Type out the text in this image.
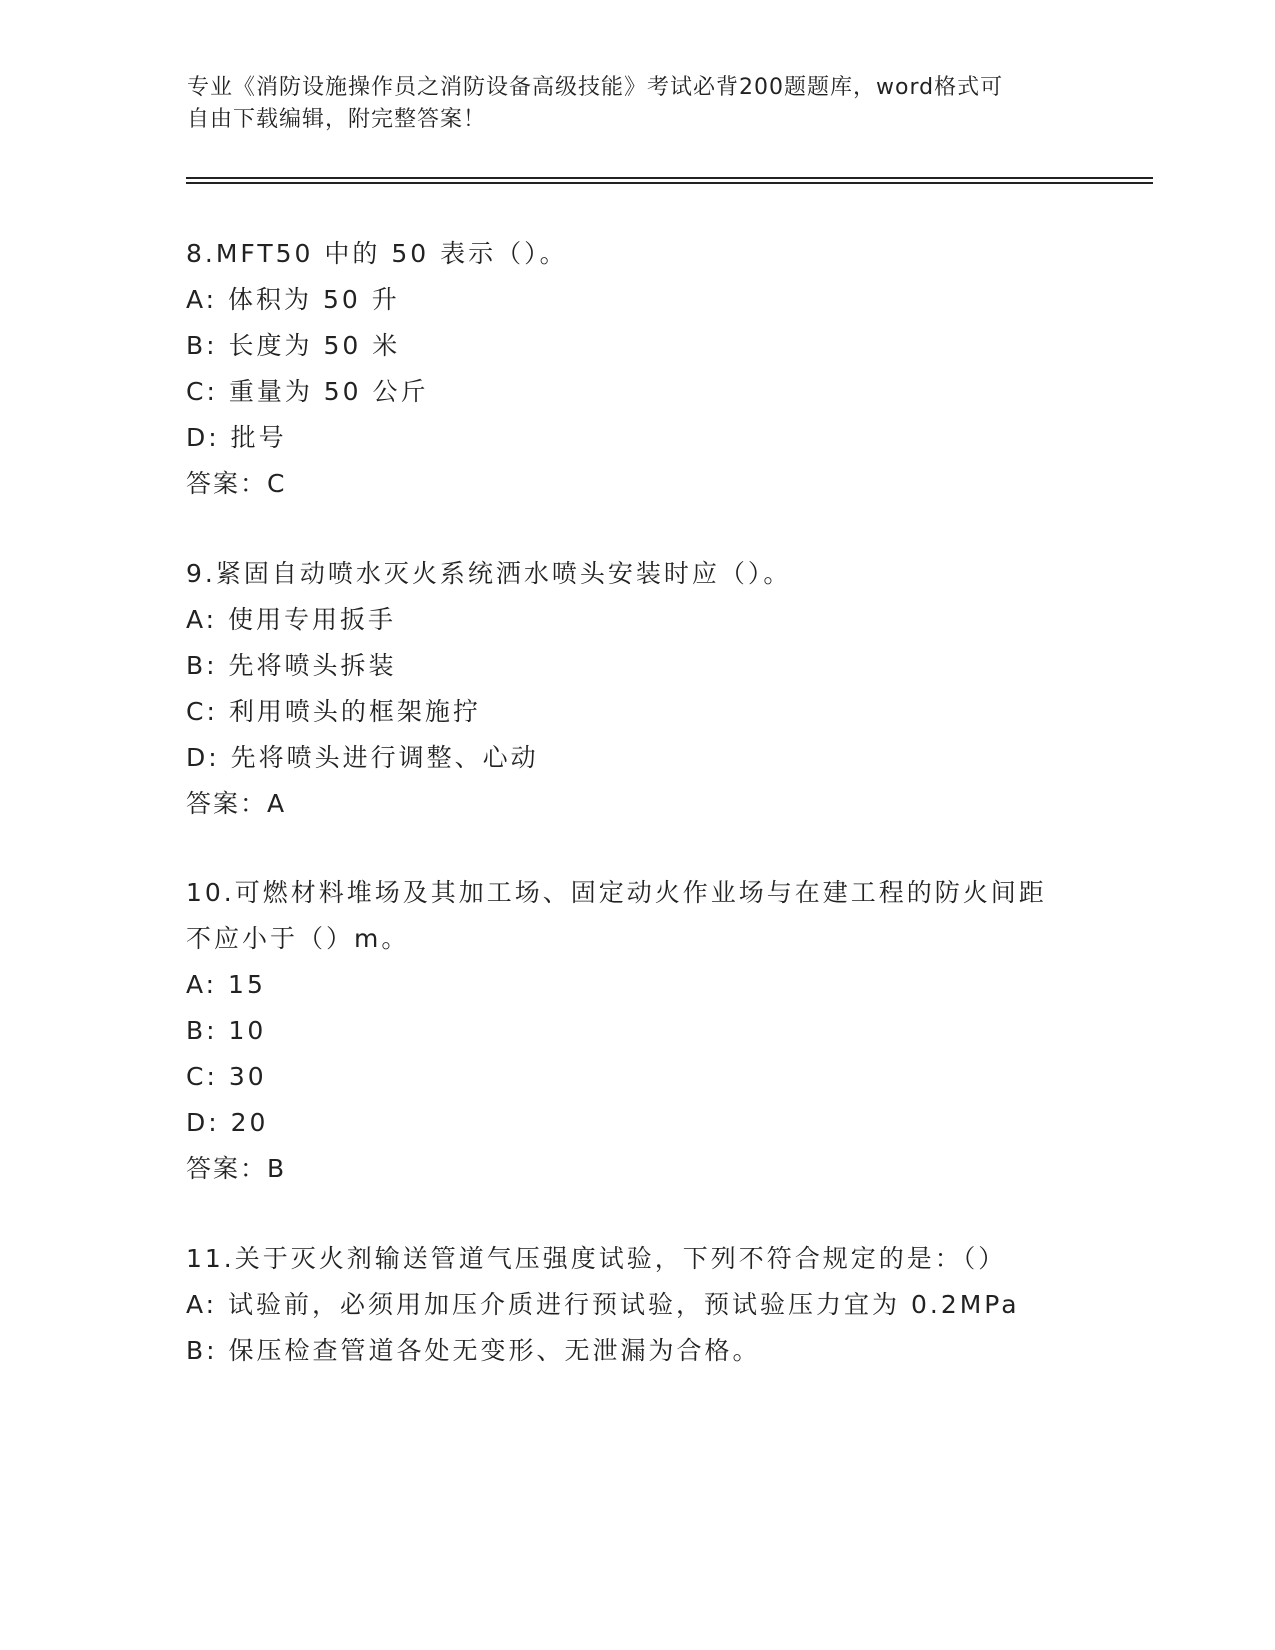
专业《消防设施操作员之消防设备高级技能》考试必背200题题库，word格式可
自由下载编辑，附完整答案！
8.MFT50 中的 50 表示（）。
A: 体积为 50 升
B: 长度为 50 米
C: 重量为 50 公斤
D: 批号
答案：C
9.紧固自动喷水灭火系统洒水喷头安装时应（）。
A: 使用专用扳手
B: 先将喷头拆装
C: 利用喷头的框架施拧
D: 先将喷头进行调整、心动
答案：A
10.可燃材料堆场及其加工场、固定动火作业场与在建工程的防火间距
不应小于（）m。
A: 15
B: 10
C: 30
D: 20
答案：B
11.关于灭火剂输送管道气压强度试验，下列不符合规定的是：（）
A: 试验前，必须用加压介质进行预试验，预试验压力宜为 0.2MPa
B: 保压检查管道各处无变形、无泄漏为合格。
